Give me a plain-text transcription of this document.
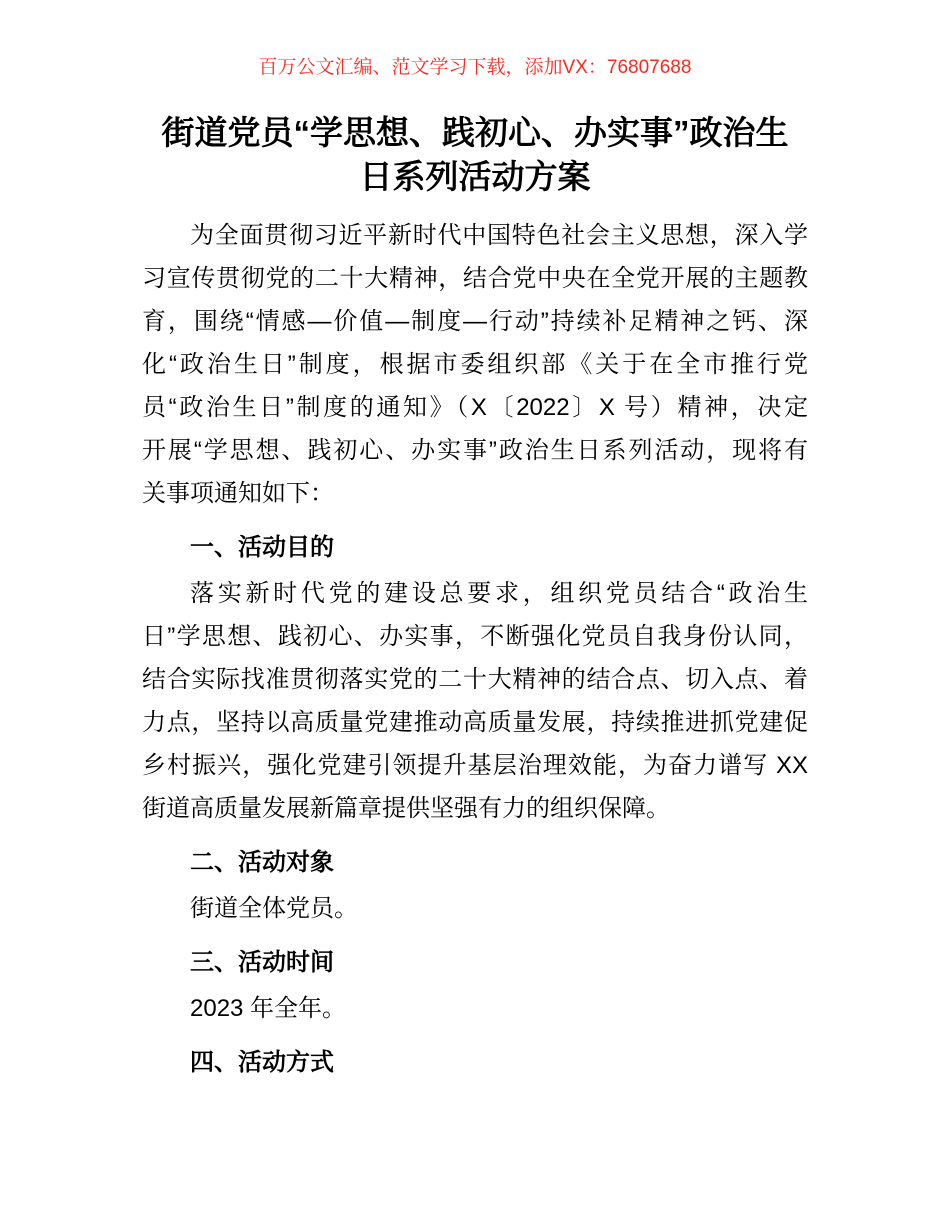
百万公文汇编、范文学习下载，添加VX：76807688
街道党员“学思想、践初心、办实事”政治生
日系列活动方案
为全面贯彻习近平新时代中国特色社会主义思想，深入学
习宣传贯彻党的二十大精神，结合党中央在全党开展的主题教
育，围绕“情感—价值—制度—行动”持续补足精神之钙、深
化“政治生日”制度，根据市委组织部《关于在全市推行党
员“政治生日”制度的通知》（X〔2022〕X 号）精神，决定
开展“学思想、践初心、办实事”政治生日系列活动，现将有
关事项通知如下：
一、活动目的
落实新时代党的建设总要求，组织党员结合“政治生
日”学思想、践初心、办实事，不断强化党员自我身份认同，
结合实际找准贯彻落实党的二十大精神的结合点、切入点、着
力点，坚持以高质量党建推动高质量发展，持续推进抓党建促
乡村振兴，强化党建引领提升基层治理效能，为奋力谱写 XX
街道高质量发展新篇章提供坚强有力的组织保障。
二、活动对象
街道全体党员。
三、活动时间
2023 年全年。
四、活动方式
